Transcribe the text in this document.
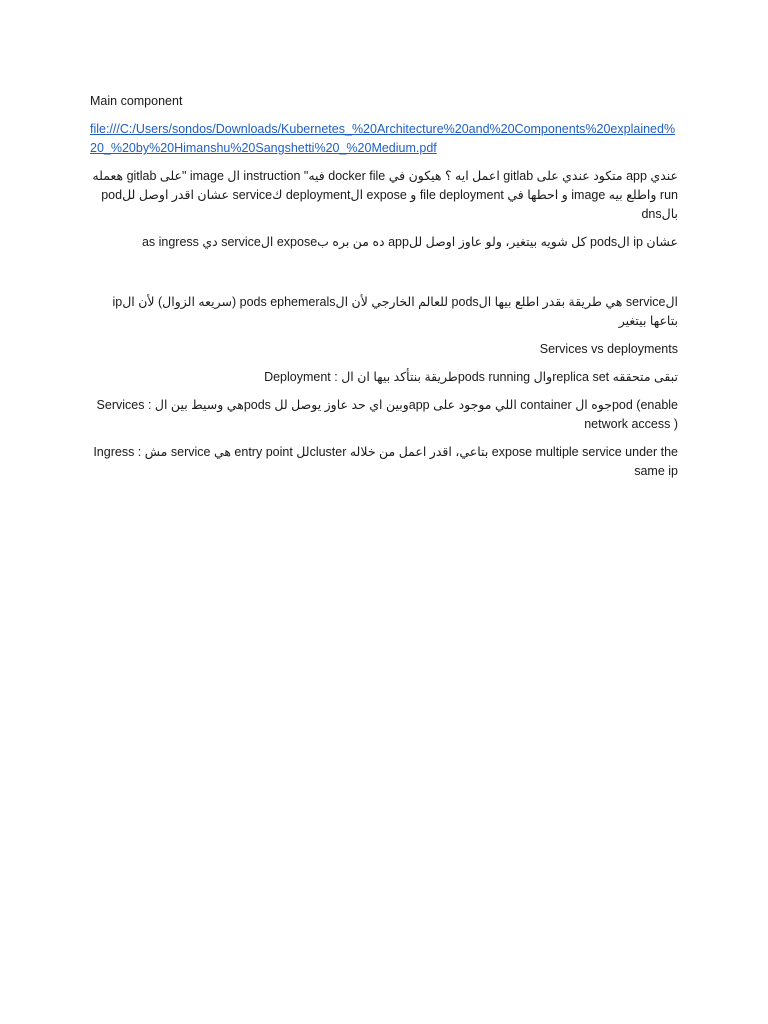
Main component

file:///C:/Users/sondos/Downloads/Kubernetes_%20Architecture%20and%20Components%20explained%20_%20by%20Himanshu%20Sangshetti%20_%20Medium.pdf

عندي app متكود عندي على gitlab اعمل ايه ؟ هيكون في docker file فيه" instruction ال image "على gitlab هعمله run واطلع بيه image و احطها في file deployment و expose الdeployment كservice عشان اقدر اوصل للpod بالdns

عشان ip الpods كل شويه بيتغير، ولو عاوز اوصل للapp ده من بره بexpose الservice دي as ingress

الservice هي طريقة بقدر اطلع بيها الpods للعالم الخارجي لأن الpods ephemerals (سريعه الزوال) لأن الip بتاعها بيتغير

Services vs deployments

Deployment : طريقة بنتأكد بيها ان الpods running والreplica set تبقى متحققه

Services : هي وسيط بين الpods وبين اي حد عاوز يوصل للapp اللي موجود على container جوه الpod (enable network access )

Ingress : مش service هي entry point للcluster بتاعي، اقدر اعمل من خلاله expose multiple service under the same ip
